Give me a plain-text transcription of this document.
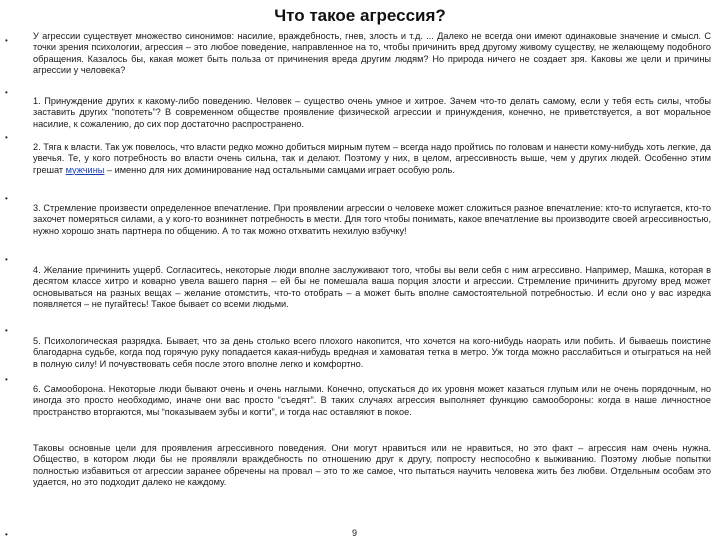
Что такое агрессия?
•
•
•
•
•
•
•
•

У агрессии существует множество синонимов: насилие, враждебность, гнев, злость и т.д. ... Далеко не всегда они имеют одинаковые значение и смысл. С точки зрения психологии, агрессия – это любое поведение, направленное на то, чтобы причинить вред другому живому существу, не желающему подобного обращения. Казалось бы, какая может быть польза от причинения вреда другим людям? Но природа ничего не создает зря. Каковы же цели и причины агрессии у человека?

1. Принуждение других к какому-либо поведению. Человек – существо очень умное и хитрое. Зачем что-то делать самому, если у тебя есть силы, чтобы заставить других “попотеть”? В современном обществе проявление физической агрессии и принуждения, конечно, не приветствуется, а вот моральное насилие, к сожалению, до сих пор достаточно распространено.

2. Тяга к власти. Так уж повелось, что власти редко можно добиться мирным путем – всегда надо пройтись по головам и нанести кому-нибудь хоть легкие, да увечья. Те, у кого потребность во власти очень сильна, так и делают. Поэтому у них, в целом, агрессивность выше, чем у других людей. Особенно этим грешат мужчины – именно для них доминирование над остальными самцами играет особую роль.

3. Стремление произвести определенное впечатление. При проявлении агрессии о человеке может сложиться разное впечатление: кто-то испугается, кто-то захочет померяться силами, а у кого-то возникнет потребность в мести. Для того чтобы понимать, какое впечатление вы производите своей агрессивностью, нужно хорошо знать партнера по общению. А то так можно отхватить нехилую взбучку!

4. Желание причинить ущерб. Согласитесь, некоторые люди вполне заслуживают того, чтобы вы вели себя с ним агрессивно. Например, Машка, которая в десятом классе хитро и коварно увела вашего парня – ей бы не помешала ваша порция злости и агрессии. Стремление причинить другому вред может основываться на разных вещах – желание отомстить, что-то отобрать – а может быть вполне самостоятельной потребностью. И если оно у вас изредка появляется – не пугайтесь! Такое бывает со всеми людьми.

5. Психологическая разрядка. Бывает, что за день столько всего плохого накопится, что хочется на кого-нибудь наорать или побить. И бываешь поистине благодарна судьбе, когда под горячую руку попадается какая-нибудь вредная и хамоватая тетка в метро. Уж тогда можно расслабиться и отыграться на ней в полную силу! И почувствовать себя после этого вполне легко и комфортно.

6. Самооборона. Некоторые люди бывают очень и очень наглыми. Конечно, опускаться до их уровня может казаться глупым или не очень порядочным, но иногда это просто необходимо, иначе они вас просто “съедят”. В таких случаях агрессия выполняет функцию самообороны: когда в наше личностное пространство вторгаются, мы “показываем зубы и когти”, и тогда нас оставляют в покое.

Таковы основные цели для проявления агрессивного поведения. Они могут нравиться или не нравиться, но это факт – агрессия нам очень нужна. Общество, в котором люди бы не проявляли враждебность по отношению друг к другу, попросту неспособно к выживанию. Поэтому любые попытки полностью избавиться от агрессии заранее обречены на провал – это то же самое, что пытаться научить человека жить без любви. Отдельным особам это удается, но это подходит далеко не каждому.

9
